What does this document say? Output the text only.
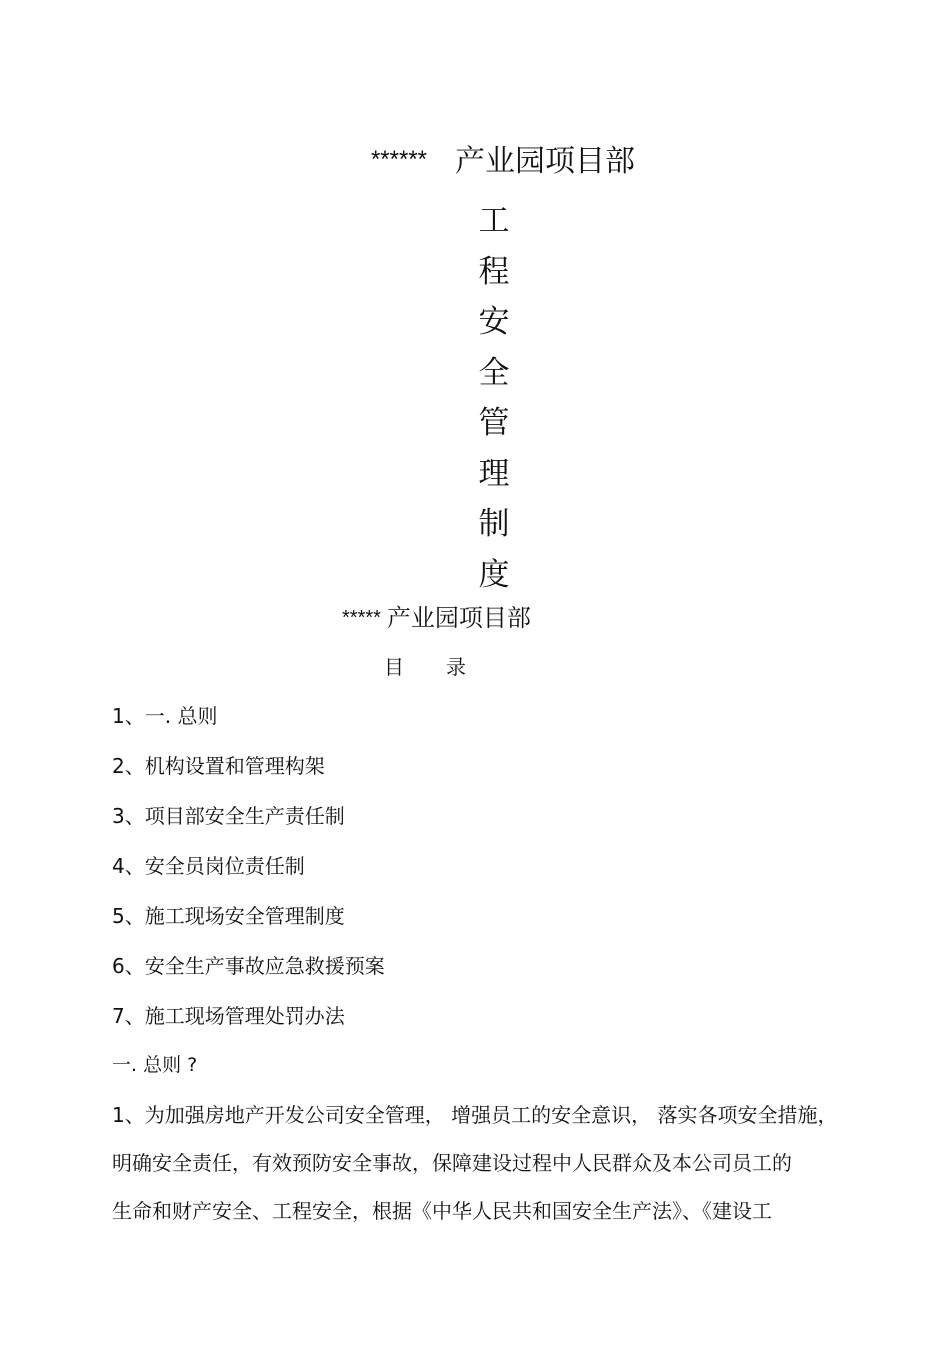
****** 产业园项目部
工
程
安
全
管
理
制
度
***** 产业园项目部
目录
1、一. 总则
2、机构设置和管理构架
3、项目部安全生产责任制
4、安全员岗位责任制
5、施工现场安全管理制度
6、安全生产事故应急救援预案
7、施工现场管理处罚办法
一. 总则 ?
1、为加强房地产开发公司安全管理， 增强员工的安全意识， 落实各项安全措施，
明确安全责任，有效预防安全事故，保障建设过程中人民群众及本公司员工的
生命和财产安全、工程安全，根据《中华人民共和国安全生产法》、《建设工
